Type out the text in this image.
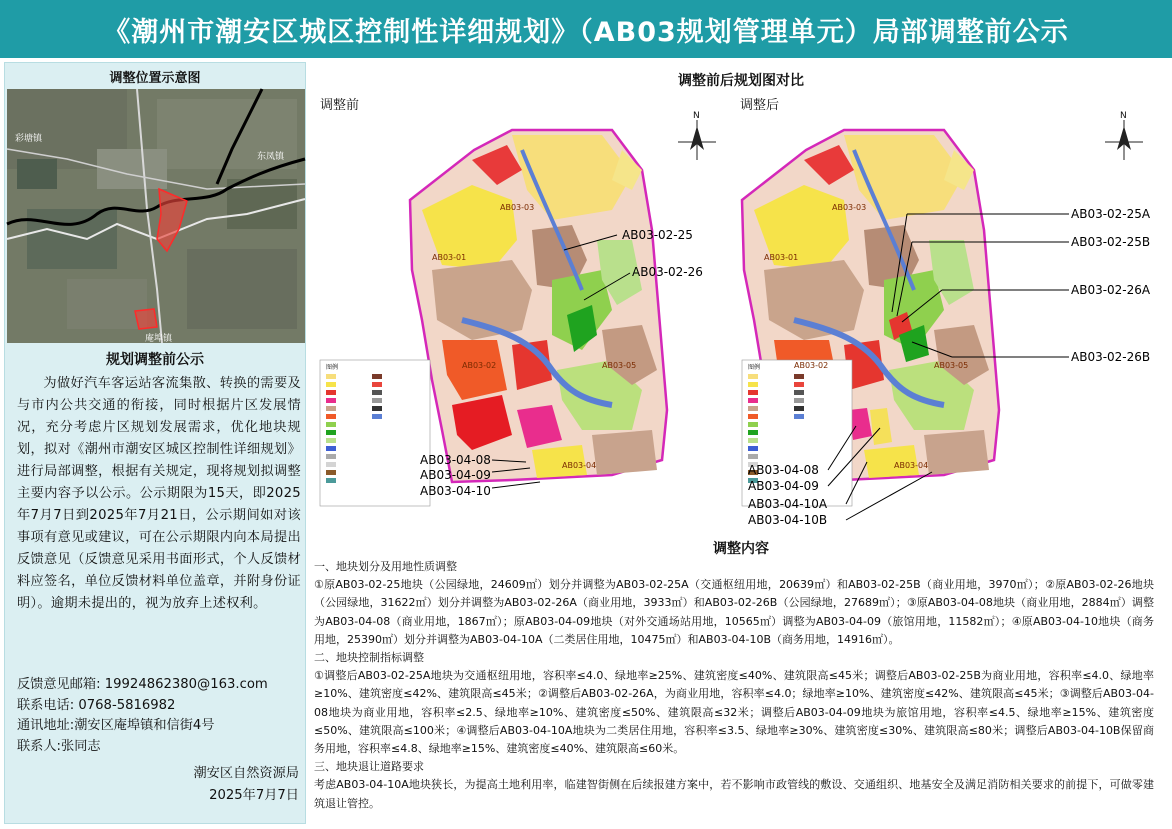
《潮州市潮安区城区控制性详细规划》（AB03规划管理单元）局部调整前公示
调整位置示意图
彩塘镇
东凤镇
庵埠镇
规划调整前公示
为做好汽车客运站客流集散、转换的需要及与市内公共交通的衔接，同时根据片区发展情况，充分考虑片区规划发展需求，优化地块规划，拟对《潮州市潮安区城区控制性详细规划》进行局部调整，根据有关规定，现将规划拟调整主要内容予以公示。公示期限为15天，即2025年7月7日到2025年7月21日，公示期间如对该事项有意见或建议，可在公示期限内向本局提出反馈意见（反馈意见采用书面形式，个人反馈材料应签名，单位反馈材料单位盖章，并附身份证明）。逾期未提出的，视为放弃上述权利。
反馈意见邮箱: 19924862380@163.com
联系电话: 0768-5816982
通讯地址:潮安区庵埠镇和信街4号
联系人:张同志
潮安区自然资源局
2025年7月7日
调整前后规划图对比
调整前	调整后
图例
AB03-03
AB03-01
AB03-02	AB03-05
AB03-04
N
AB03-02-25
AB03-02-26
AB03-04-08
AB03-04-09
AB03-04-10
图例
AB03-03
AB03-01
AB03-02	AB03-05
AB03-04
N
AB03-02-25A
AB03-02-25B
AB03-02-26A
AB03-02-26B
AB03-04-08
AB03-04-09
AB03-04-10A
AB03-04-10B
调整内容

一、地块划分及用地性质调整

①原AB03-02-25地块（公园绿地，24609㎡）划分并调整为AB03-02-25A（交通枢纽用地，20639㎡）和AB03-02-25B（商业用地，3970㎡）；②原AB03-02-26地块（公园绿地，31622㎡）划分并调整为AB03-02-26A（商业用地，3933㎡）和AB03-02-26B（公园绿地，27689㎡）；③原AB03-04-08地块（商业用地，2884㎡）调整为AB03-04-08（商业用地，1867㎡）；原AB03-04-09地块（对外交通场站用地，10565㎡）调整为AB03-04-09（旅馆用地，11582㎡）；④原AB03-04-10地块（商务用地，25390㎡）划分并调整为AB03-04-10A（二类居住用地，10475㎡）和AB03-04-10B（商务用地，14916㎡）。

二、地块控制指标调整

①调整后AB03-02-25A地块为交通枢纽用地，容积率≤4.0、绿地率≥25%、建筑密度≤40%、建筑限高≤45米；调整后AB03-02-25B为商业用地，容积率≤4.0、绿地率≥10%、建筑密度≤42%、建筑限高≤45米；②调整后AB03-02-26A，为商业用地，容积率≤4.0；绿地率≥10%、建筑密度≤42%、建筑限高≤45米；③调整后AB03-04-08地块为商业用地，容积率≤2.5、绿地率≥10%、建筑密度≤50%、建筑限高≤32米；调整后AB03-04-09地块为旅馆用地，容积率≤4.5、绿地率≥15%、建筑密度≤50%、建筑限高≤100米；④调整后AB03-04-10A地块为二类居住用地，容积率≤3.5、绿地率≥30%、建筑密度≤30%、建筑限高≤80米；调整后AB03-04-10B保留商务用地，容积率≤4.8、绿地率≥15%、建筑密度≤40%、建筑限高≤60米。

三、地块退让道路要求

考虑AB03-04-10A地块狭长，为提高土地利用率，临建智街侧在后续报建方案中，若不影响市政管线的敷设、交通组织、地基安全及满足消防相关要求的前提下，可做零建筑退让管控。
